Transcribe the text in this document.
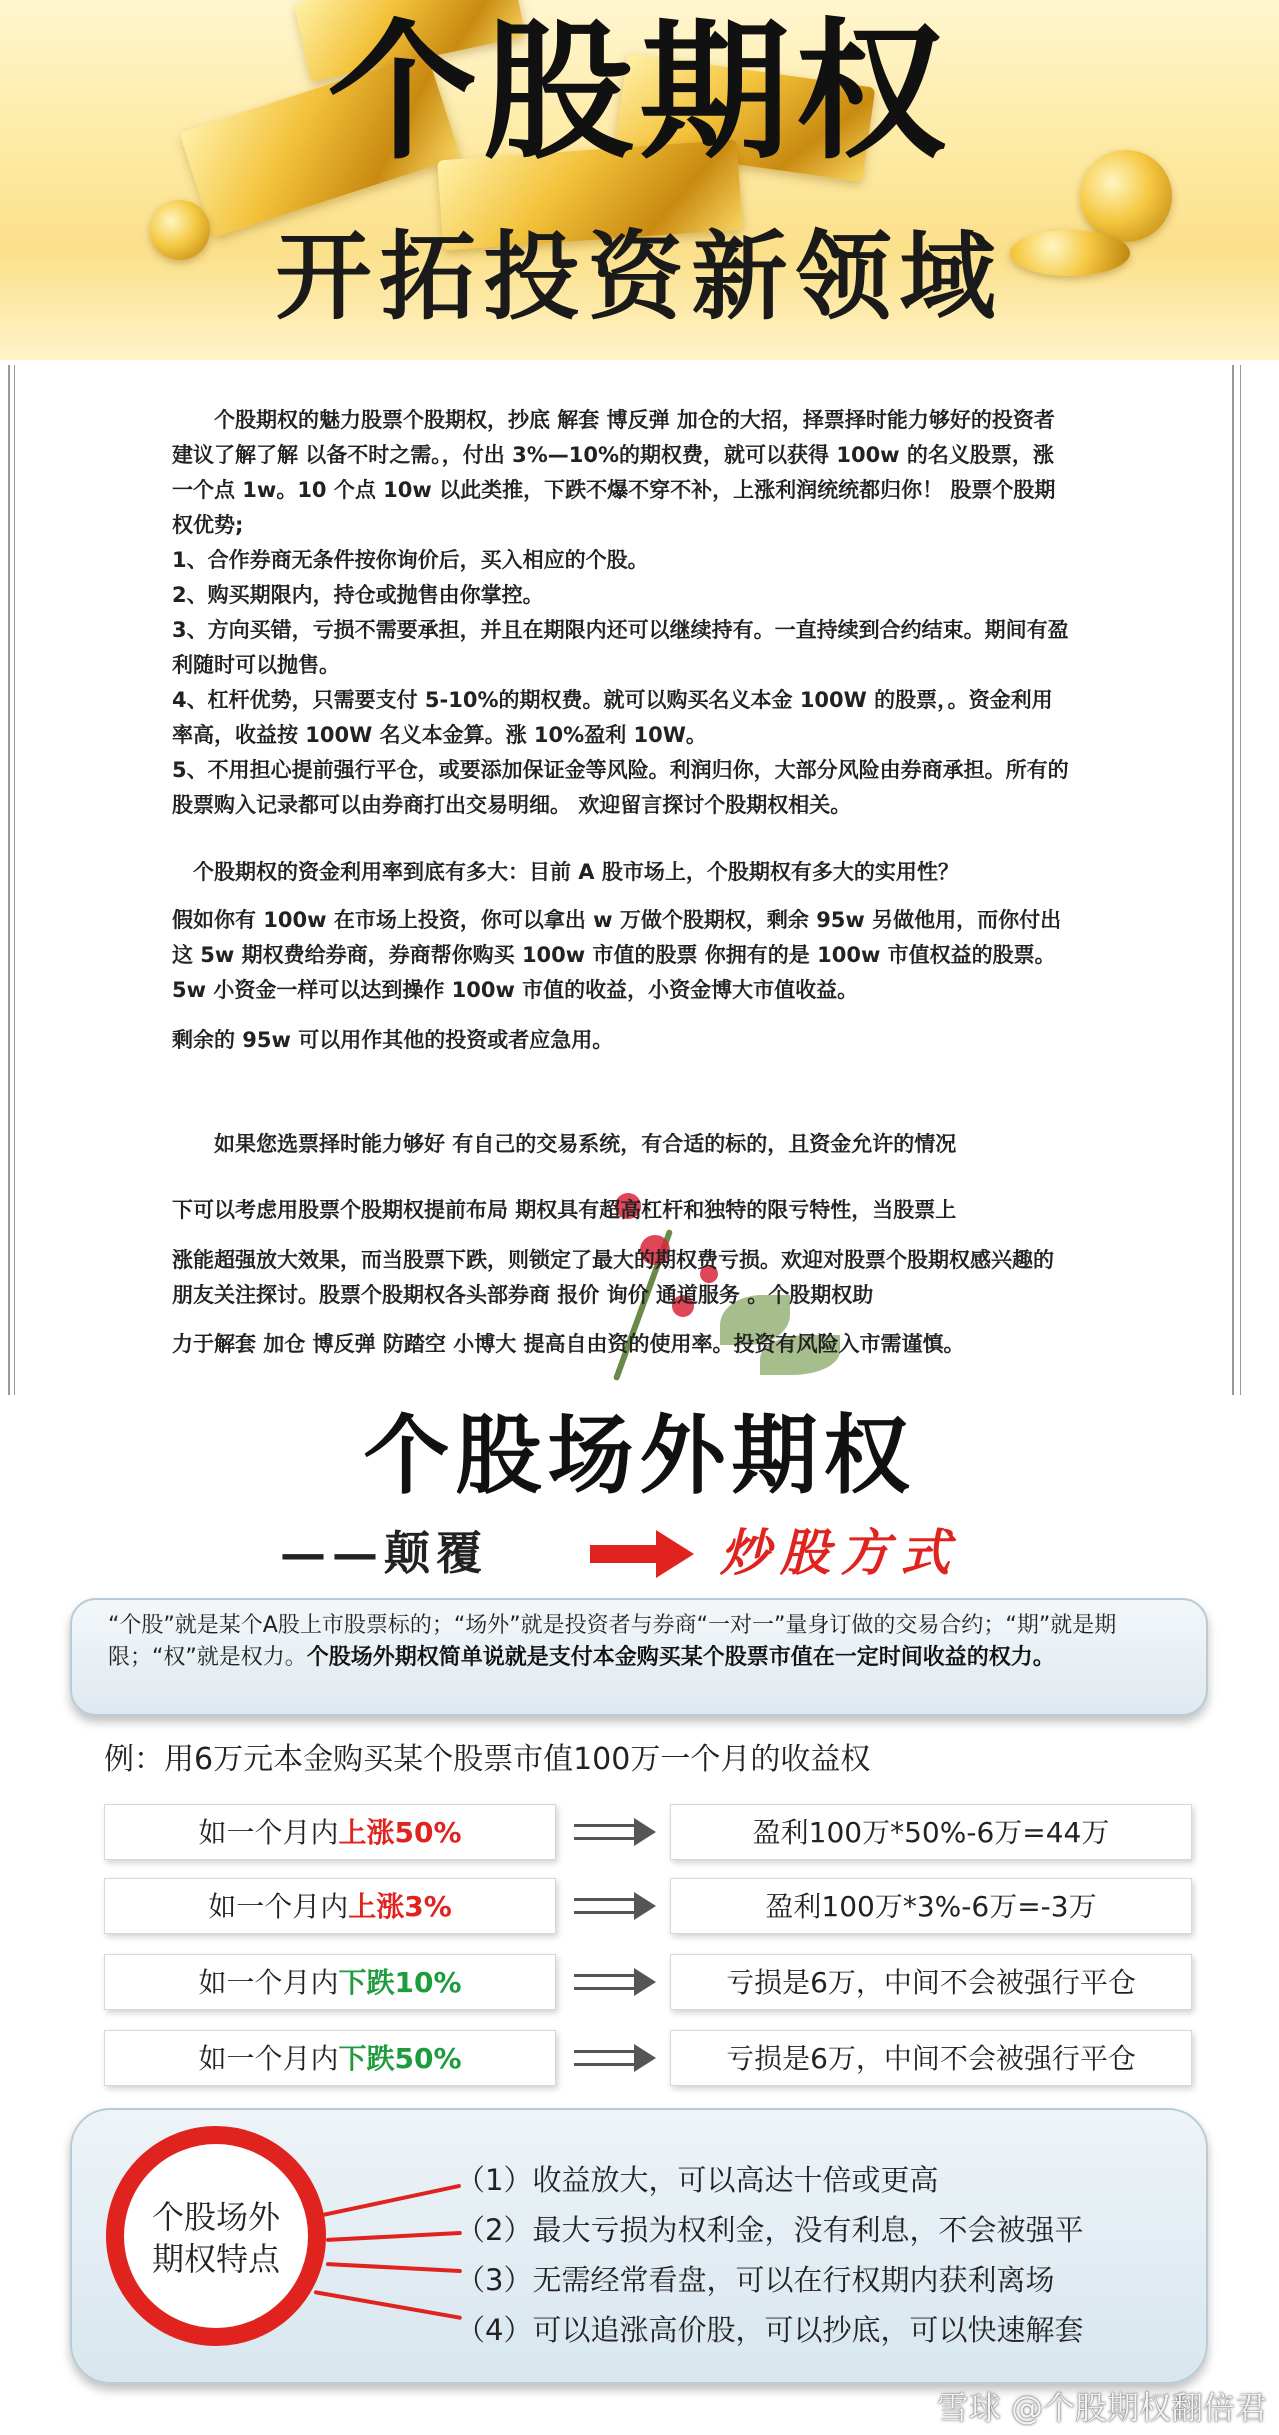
个股期权
开拓投资新领域
个股期权的魅力股票个股期权，抄底 解套 博反弹 加仓的大招，择票择时能力够好的投资者 建议了解了解 以备不时之需。，付出 3%—10%的期权费，就可以获得 100w 的名义股票，涨一个点 1w。10 个点 10w 以此类推，下跌不爆不穿不补，上涨利润统统都归你！ 股票个股期权优势;
1、合作券商无条件按你询价后，买入相应的个股。
2、购买期限内，持仓或抛售由你掌控。
3、方向买错，亏损不需要承担，并且在期限内还可以继续持有。一直持续到合约结束。期间有盈利随时可以抛售。
4、杠杆优势，只需要支付 5-10%的期权费。就可以购买名义本金 100W 的股票，。资金利用率高，收益按 100W 名义本金算。涨 10%盈利 10W。
5、不用担心提前强行平仓，或要添加保证金等风险。利润归你，大部分风险由券商承担。所有的股票购入记录都可以由券商打出交易明细。 欢迎留言探讨个股期权相关。
个股期权的资金利用率到底有多大：目前 A 股市场上，个股期权有多大的实用性？
假如你有 100w 在市场上投资，你可以拿出 w 万做个股期权，剩余 95w 另做他用，而你付出这 5w 期权费给券商，券商帮你购买 100w 市值的股票 你拥有的是 100w 市值权益的股票。5w 小资金一样可以达到操作 100w 市值的收益，小资金博大市值收益。
剩余的 95w 可以用作其他的投资或者应急用。
如果您选票择时能力够好 有自己的交易系统，有合适的标的，且资金允许的情况
下可以考虑用股票个股期权提前布局 期权具有超高杠杆和独特的限亏特性，当股票上
涨能超强放大效果，而当股票下跌，则锁定了最大的期权费亏损。欢迎对股票个股期权感兴趣的朋友关注探讨。股票个股期权各头部券商 报价 询价 通道服务 。个股期权助
力于解套 加仓 博反弹 防踏空 小博大 提高自由资的使用率。投资有风险入市需谨慎。
个股场外期权
——颠覆	炒股方式
“个股”就是某个A股上市股票标的；“场外”就是投资者与券商“一对一”量身订做的交易合约；“期”就是期限；“权”就是权力。个股场外期权简单说就是支付本金购买某个股票市值在一定时间收益的权力。
例：用6万元本金购买某个股票市值100万一个月的收益权
如一个月内上涨50%	盈利100万*50%-6万=44万
如一个月内上涨3%	盈利100万*3%-6万=-3万
如一个月内下跌10%	亏损是6万，中间不会被强行平仓
如一个月内下跌50%	亏损是6万，中间不会被强行平仓
个股场外
期权特点
（1）收益放大，可以高达十倍或更高
（2）最大亏损为权利金，没有利息，不会被强平
（3）无需经常看盘，可以在行权期内获利离场
（4）可以追涨高价股，可以抄底，可以快速解套
雪球 @个股期权翻倍君
